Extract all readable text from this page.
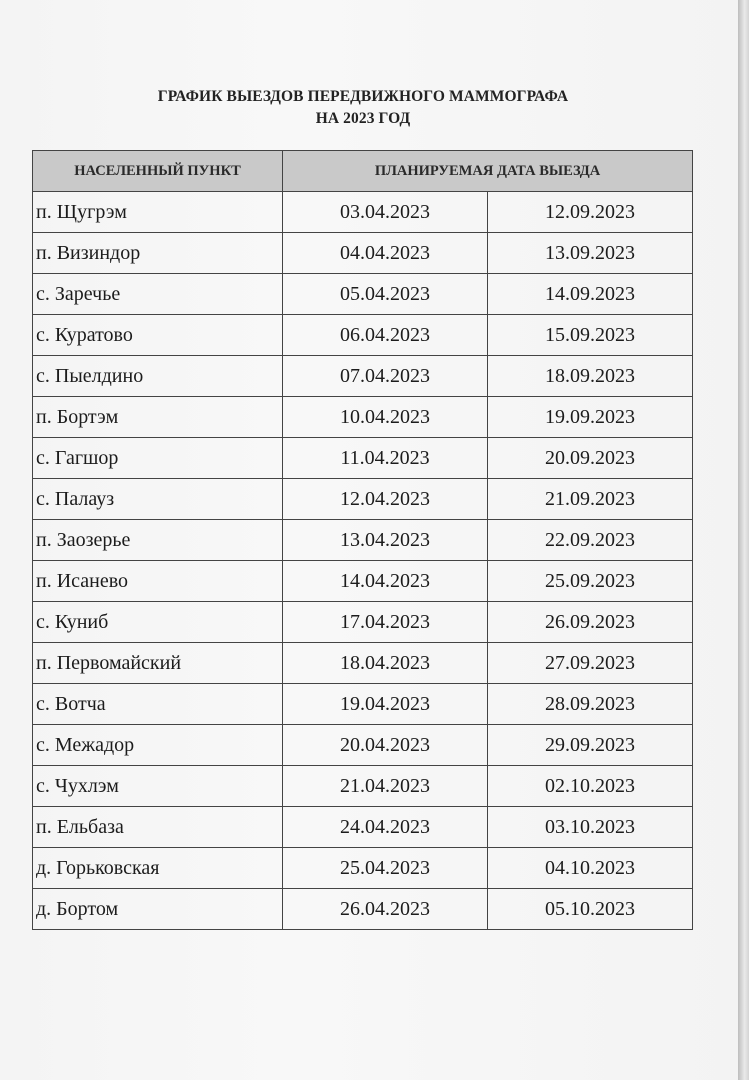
ГРАФИК ВЫЕЗДОВ ПЕРЕДВИЖНОГО МАММОГРАФА
НА 2023 ГОД
НАСЕЛЕННЫЙ ПУНКТ	ПЛАНИРУЕМАЯ ДАТА ВЫЕЗДА	
п. Щугрэм	03.04.2023	12.09.2023
п. Визиндор	04.04.2023	13.09.2023
с. Заречье	05.04.2023	14.09.2023
с. Куратово	06.04.2023	15.09.2023
с. Пыелдино	07.04.2023	18.09.2023
п. Бортэм	10.04.2023	19.09.2023
с. Гагшор	11.04.2023	20.09.2023
с. Палауз	12.04.2023	21.09.2023
п. Заозерье	13.04.2023	22.09.2023
п. Исанево	14.04.2023	25.09.2023
с. Куниб	17.04.2023	26.09.2023
п. Первомайский	18.04.2023	27.09.2023
с. Вотча	19.04.2023	28.09.2023
с. Межадор	20.04.2023	29.09.2023
с. Чухлэм	21.04.2023	02.10.2023
п. Ельбаза	24.04.2023	03.10.2023
д. Горьковская	25.04.2023	04.10.2023
д. Бортом	26.04.2023	05.10.2023
